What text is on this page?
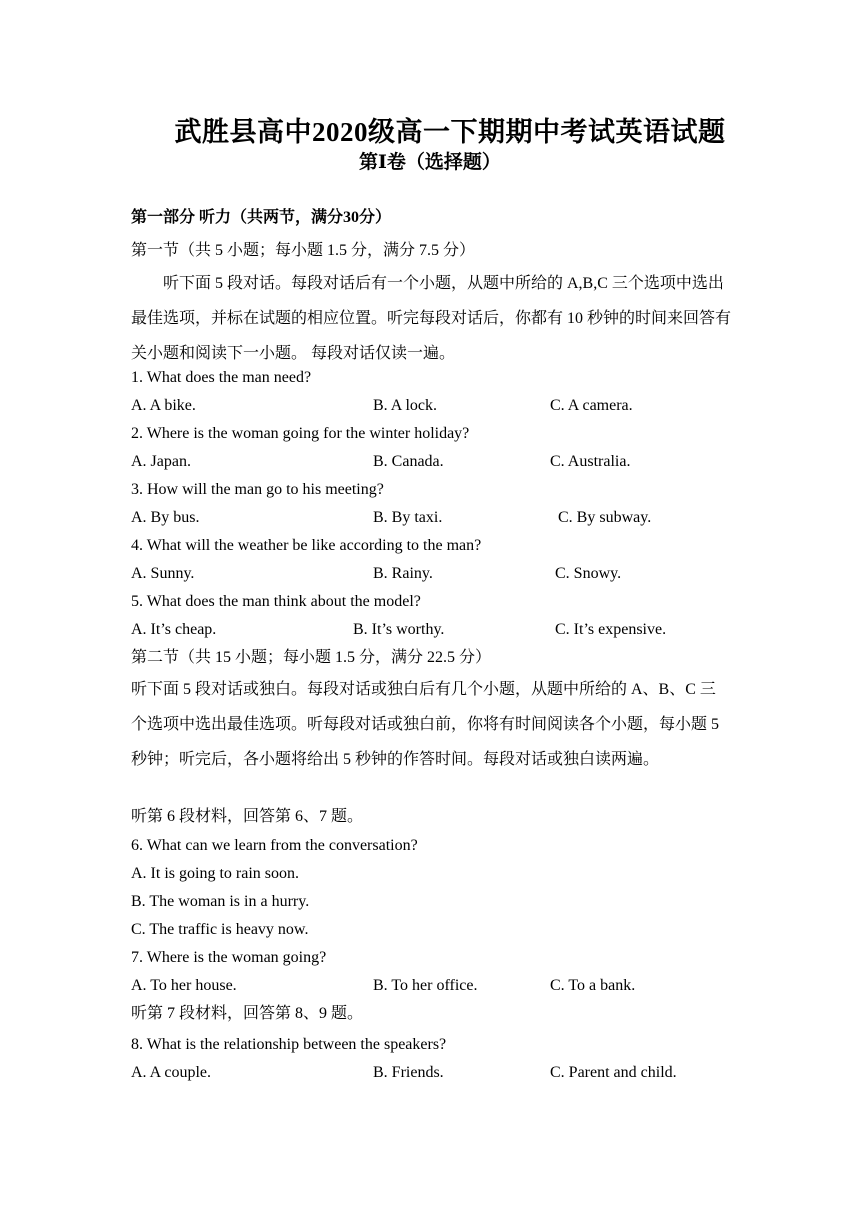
武胜县高中2020级高一下期期中考试英语试题
第Ⅰ卷（选择题）
第一部分 听力（共两节，满分30分）
第一节（共 5 小题；每小题 1.5 分，满分 7.5 分）
听下面 5 段对话。每段对话后有一个小题，从题中所给的 A,B,C 三个选项中选出最佳选项，并标在试题的相应位置。听完每段对话后，你都有 10 秒钟的时间来回答有关小题和阅读下一小题。 每段对话仅读一遍。
1. What does the man need?
A. A bike.	B. A lock.	C. A camera.
2. Where is the woman going for the winter holiday?
A. Japan.	B. Canada.	C. Australia.
3. How will the man go to his meeting?
A. By bus.	B. By taxi.	C. By subway.
4. What will the weather be like according to the man?
A. Sunny.	B. Rainy.	C. Snowy.
5. What does the man think about the model?
A. It’s cheap.	B. It’s worthy.	C. It’s expensive.
第二节（共 15 小题；每小题 1.5 分，满分 22.5 分）
听下面 5 段对话或独白。每段对话或独白后有几个小题，从题中所给的 A、B、C 三个选项中选出最佳选项。听每段对话或独白前，你将有时间阅读各个小题，每小题 5 秒钟；听完后，各小题将给出 5 秒钟的作答时间。每段对话或独白读两遍。
听第 6 段材料，回答第 6、7 题。
6. What can we learn from the conversation?
A. It is going to rain soon.
B. The woman is in a hurry.
C. The traffic is heavy now.
7. Where is the woman going?
A. To her house.	B. To her office.	C. To a bank.
听第 7 段材料，回答第 8、9 题。
8. What is the relationship between the speakers?
A. A couple.	B. Friends.	C. Parent and child.
